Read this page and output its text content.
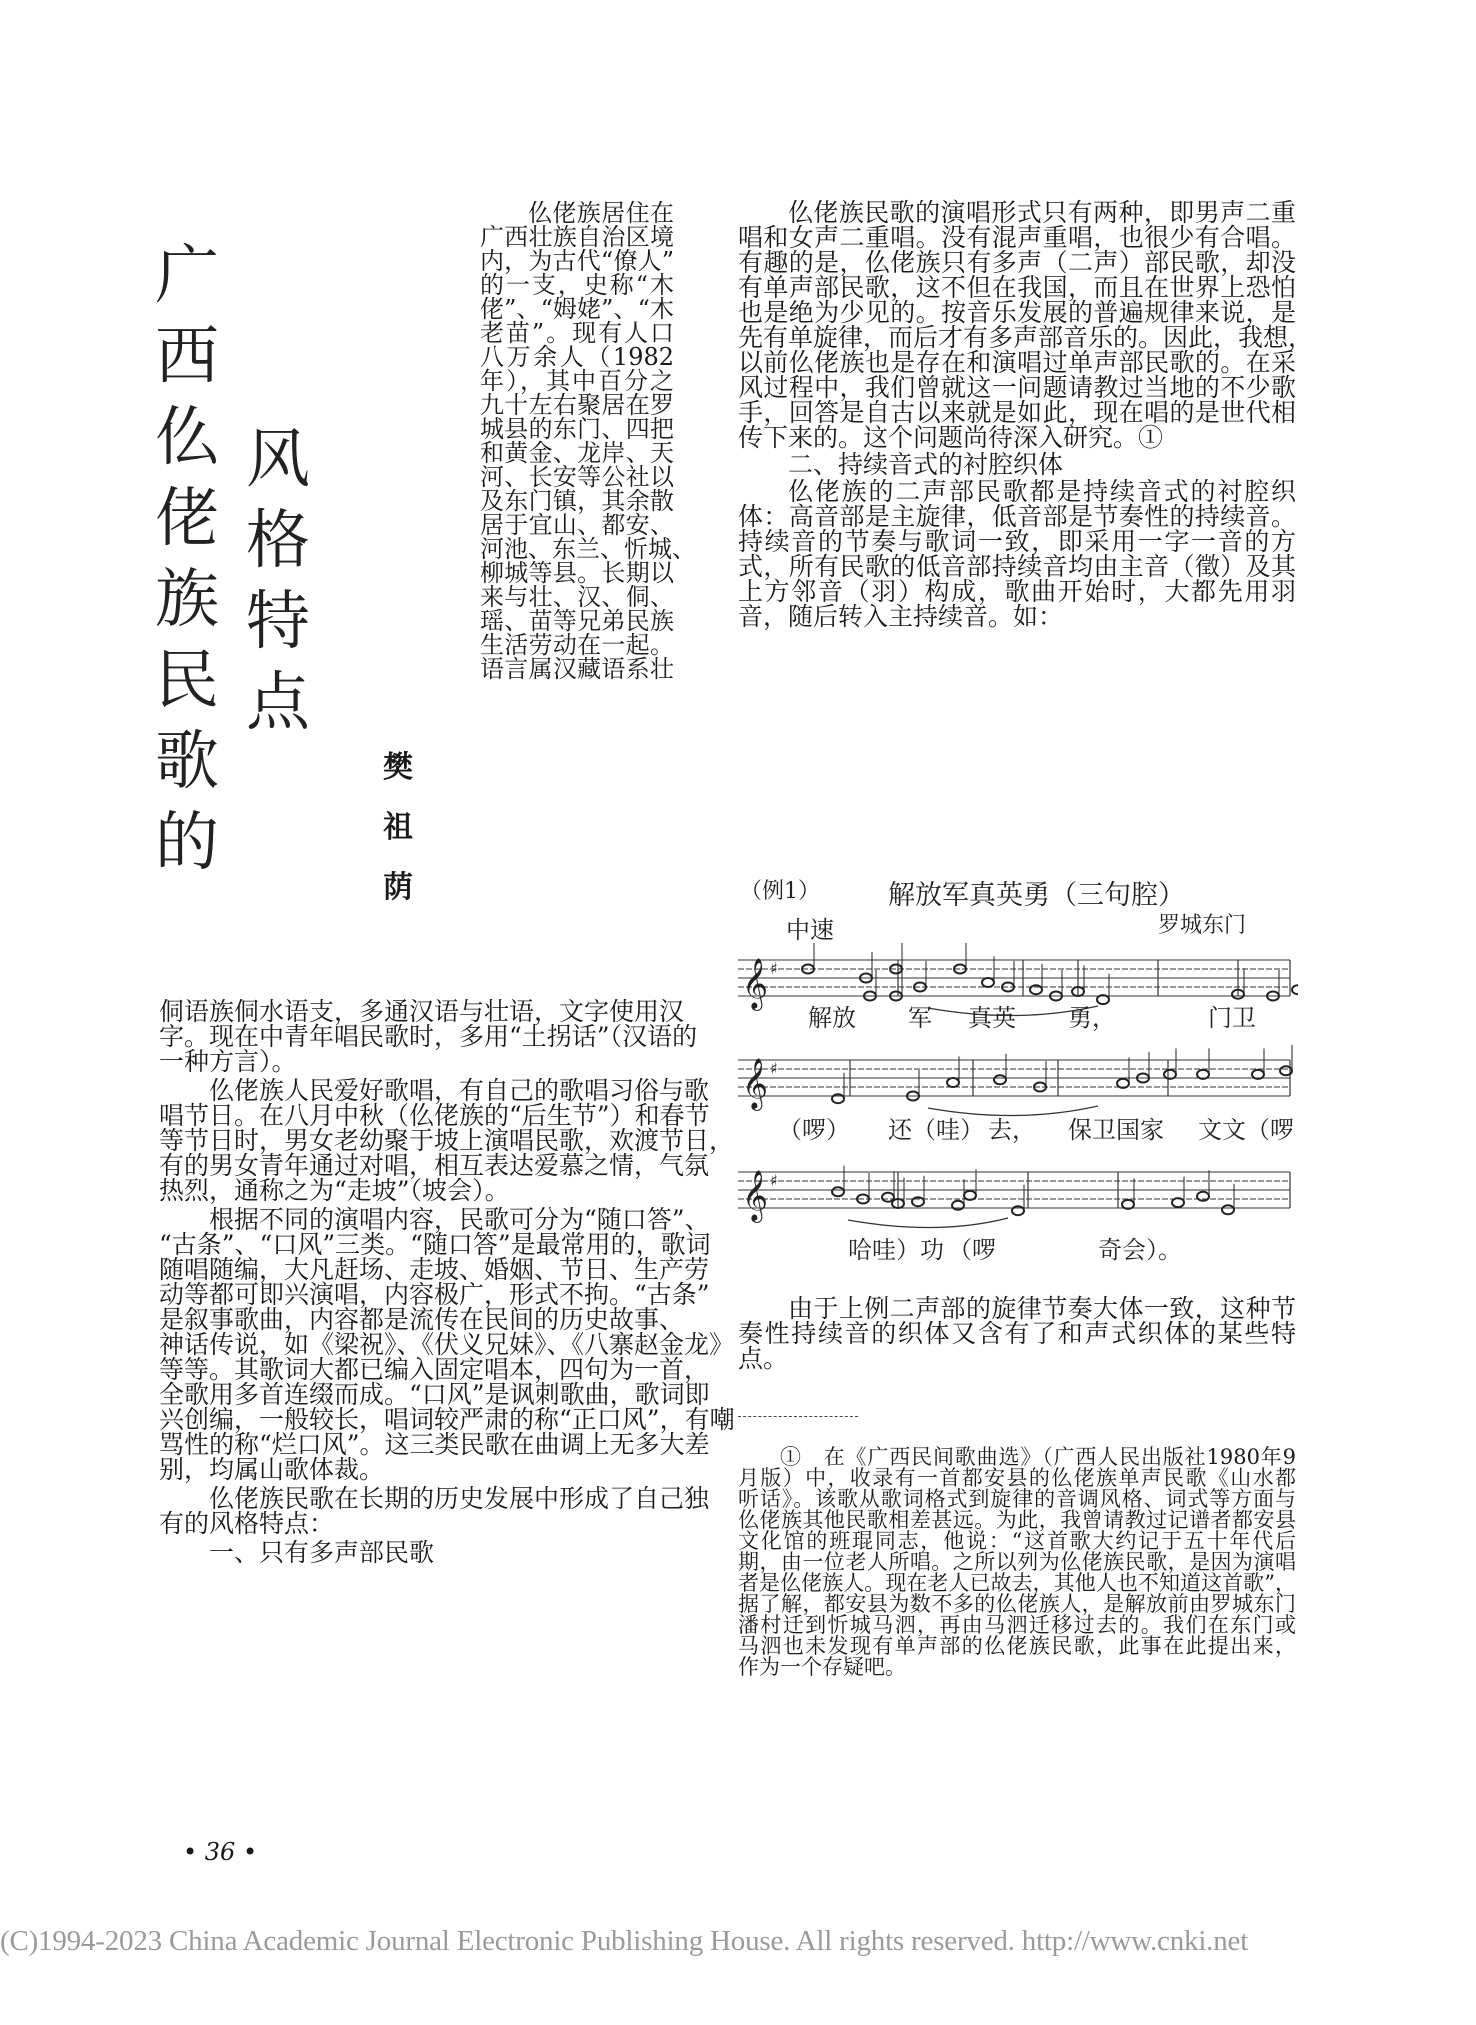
广
西
仫
佬
族
民
歌
的
风
格
特
点
樊
祖
荫
仫佬族居住在
广西壮族自治区境
内，为古代“僚人”
的一支，史称“木
佬”、“姆姥”、“木
老苗”。现有人口
八万余人（1982
年），其中百分之
九十左右聚居在罗
城县的东门、四把
和黄金、龙岸、天
河、长安等公社以
及东门镇，其余散
居于宜山、都安、
河池、东兰、忻城、
柳城等县。长期以
来与壮、汉、侗、
瑶、苗等兄弟民族
生活劳动在一起。
语言属汉藏语系壮
侗语族侗水语支，多通汉语与壮语，文字使用汉
字。现在中青年唱民歌时，多用“土拐话”（汉语的
一种方言）。
仫佬族人民爱好歌唱，有自己的歌唱习俗与歌
唱节日。在八月中秋（仫佬族的“后生节”）和春节
等节日时，男女老幼聚于坡上演唱民歌，欢渡节日，
有的男女青年通过对唱，相互表达爱慕之情，气氛
热烈，通称之为“走坡”（坡会）。
根据不同的演唱内容，民歌可分为“随口答”、
“古条”、“口风”三类。“随口答”是最常用的，歌词
随唱随编，大凡赶场、走坡、婚姻、节日、生产劳
动等都可即兴演唱，内容极广，形式不拘。“古条”
是叙事歌曲，内容都是流传在民间的历史故事、
神话传说，如《梁祝》、《伏义兄妹》、《八寨赵金龙》
等等。其歌词大都已编入固定唱本，四句为一首，
全歌用多首连缀而成。“口风”是讽刺歌曲，歌词即
兴创编，一般较长，唱词较严肃的称“正口风”，有嘲
骂性的称“烂口风”。这三类民歌在曲调上无多大差
别，均属山歌体裁。
仫佬族民歌在长期的历史发展中形成了自己独
有的风格特点：
一、只有多声部民歌
• 36 •
仫佬族民歌的演唱形式只有两种，即男声二重
唱和女声二重唱。没有混声重唱，也很少有合唱。
有趣的是，仫佬族只有多声（二声）部民歌，却没
有单声部民歌，这不但在我国，而且在世界上恐怕
也是绝为少见的。按音乐发展的普遍规律来说，是
先有单旋律，而后才有多声部音乐的。因此，我想，
以前仫佬族也是存在和演唱过单声部民歌的。在采
风过程中，我们曾就这一问题请教过当地的不少歌
手，回答是自古以来就是如此，现在唱的是世代相
传下来的。这个问题尚待深入研究。①
二、持续音式的衬腔织体
仫佬族的二声部民歌都是持续音式的衬腔织
体：高音部是主旋律，低音部是节奏性的持续音。
持续音的节奏与歌词一致，即采用一字一音的方
式，所有民歌的低音部持续音均由主音（徵）及其
上方邻音（羽）构成，歌曲开始时，大都先用羽
音，随后转入主持续音。如：
（例1）	解放军真英勇（三句腔）
中速	罗城东门
𝄞 ♯
解放 军 真英 勇，	门卫
𝄞 ♯
（啰） 还（哇） 去， 保卫国家 文文（啰
𝄞 ♯
哈哇）功 （啰	奇会）。
由于上例二声部的旋律节奏大体一致，这种节
奏性持续音的织体又含有了和声式织体的某些特
点。
①　在《广西民间歌曲选》（广西人民出版社1980年9
月版）中，收录有一首都安县的仫佬族单声民歌《山水都
听话》。该歌从歌词格式到旋律的音调风格、词式等方面与
仫佬族其他民歌相差甚远。为此，我曾请教过记谱者都安县
文化馆的班琨同志，他说：“这首歌大约记于五十年代后
期，由一位老人所唱。之所以列为仫佬族民歌，是因为演唱
者是仫佬族人。现在老人已故去，其他人也不知道这首歌”，
据了解，都安县为数不多的仫佬族人，是解放前由罗城东门
潘村迁到忻城马泗，再由马泗迁移过去的。我们在东门或
马泗也未发现有单声部的仫佬族民歌，此事在此提出来，
作为一个存疑吧。
(C)1994-2023 China Academic Journal Electronic Publishing House. All rights reserved. http://www.cnki.net
